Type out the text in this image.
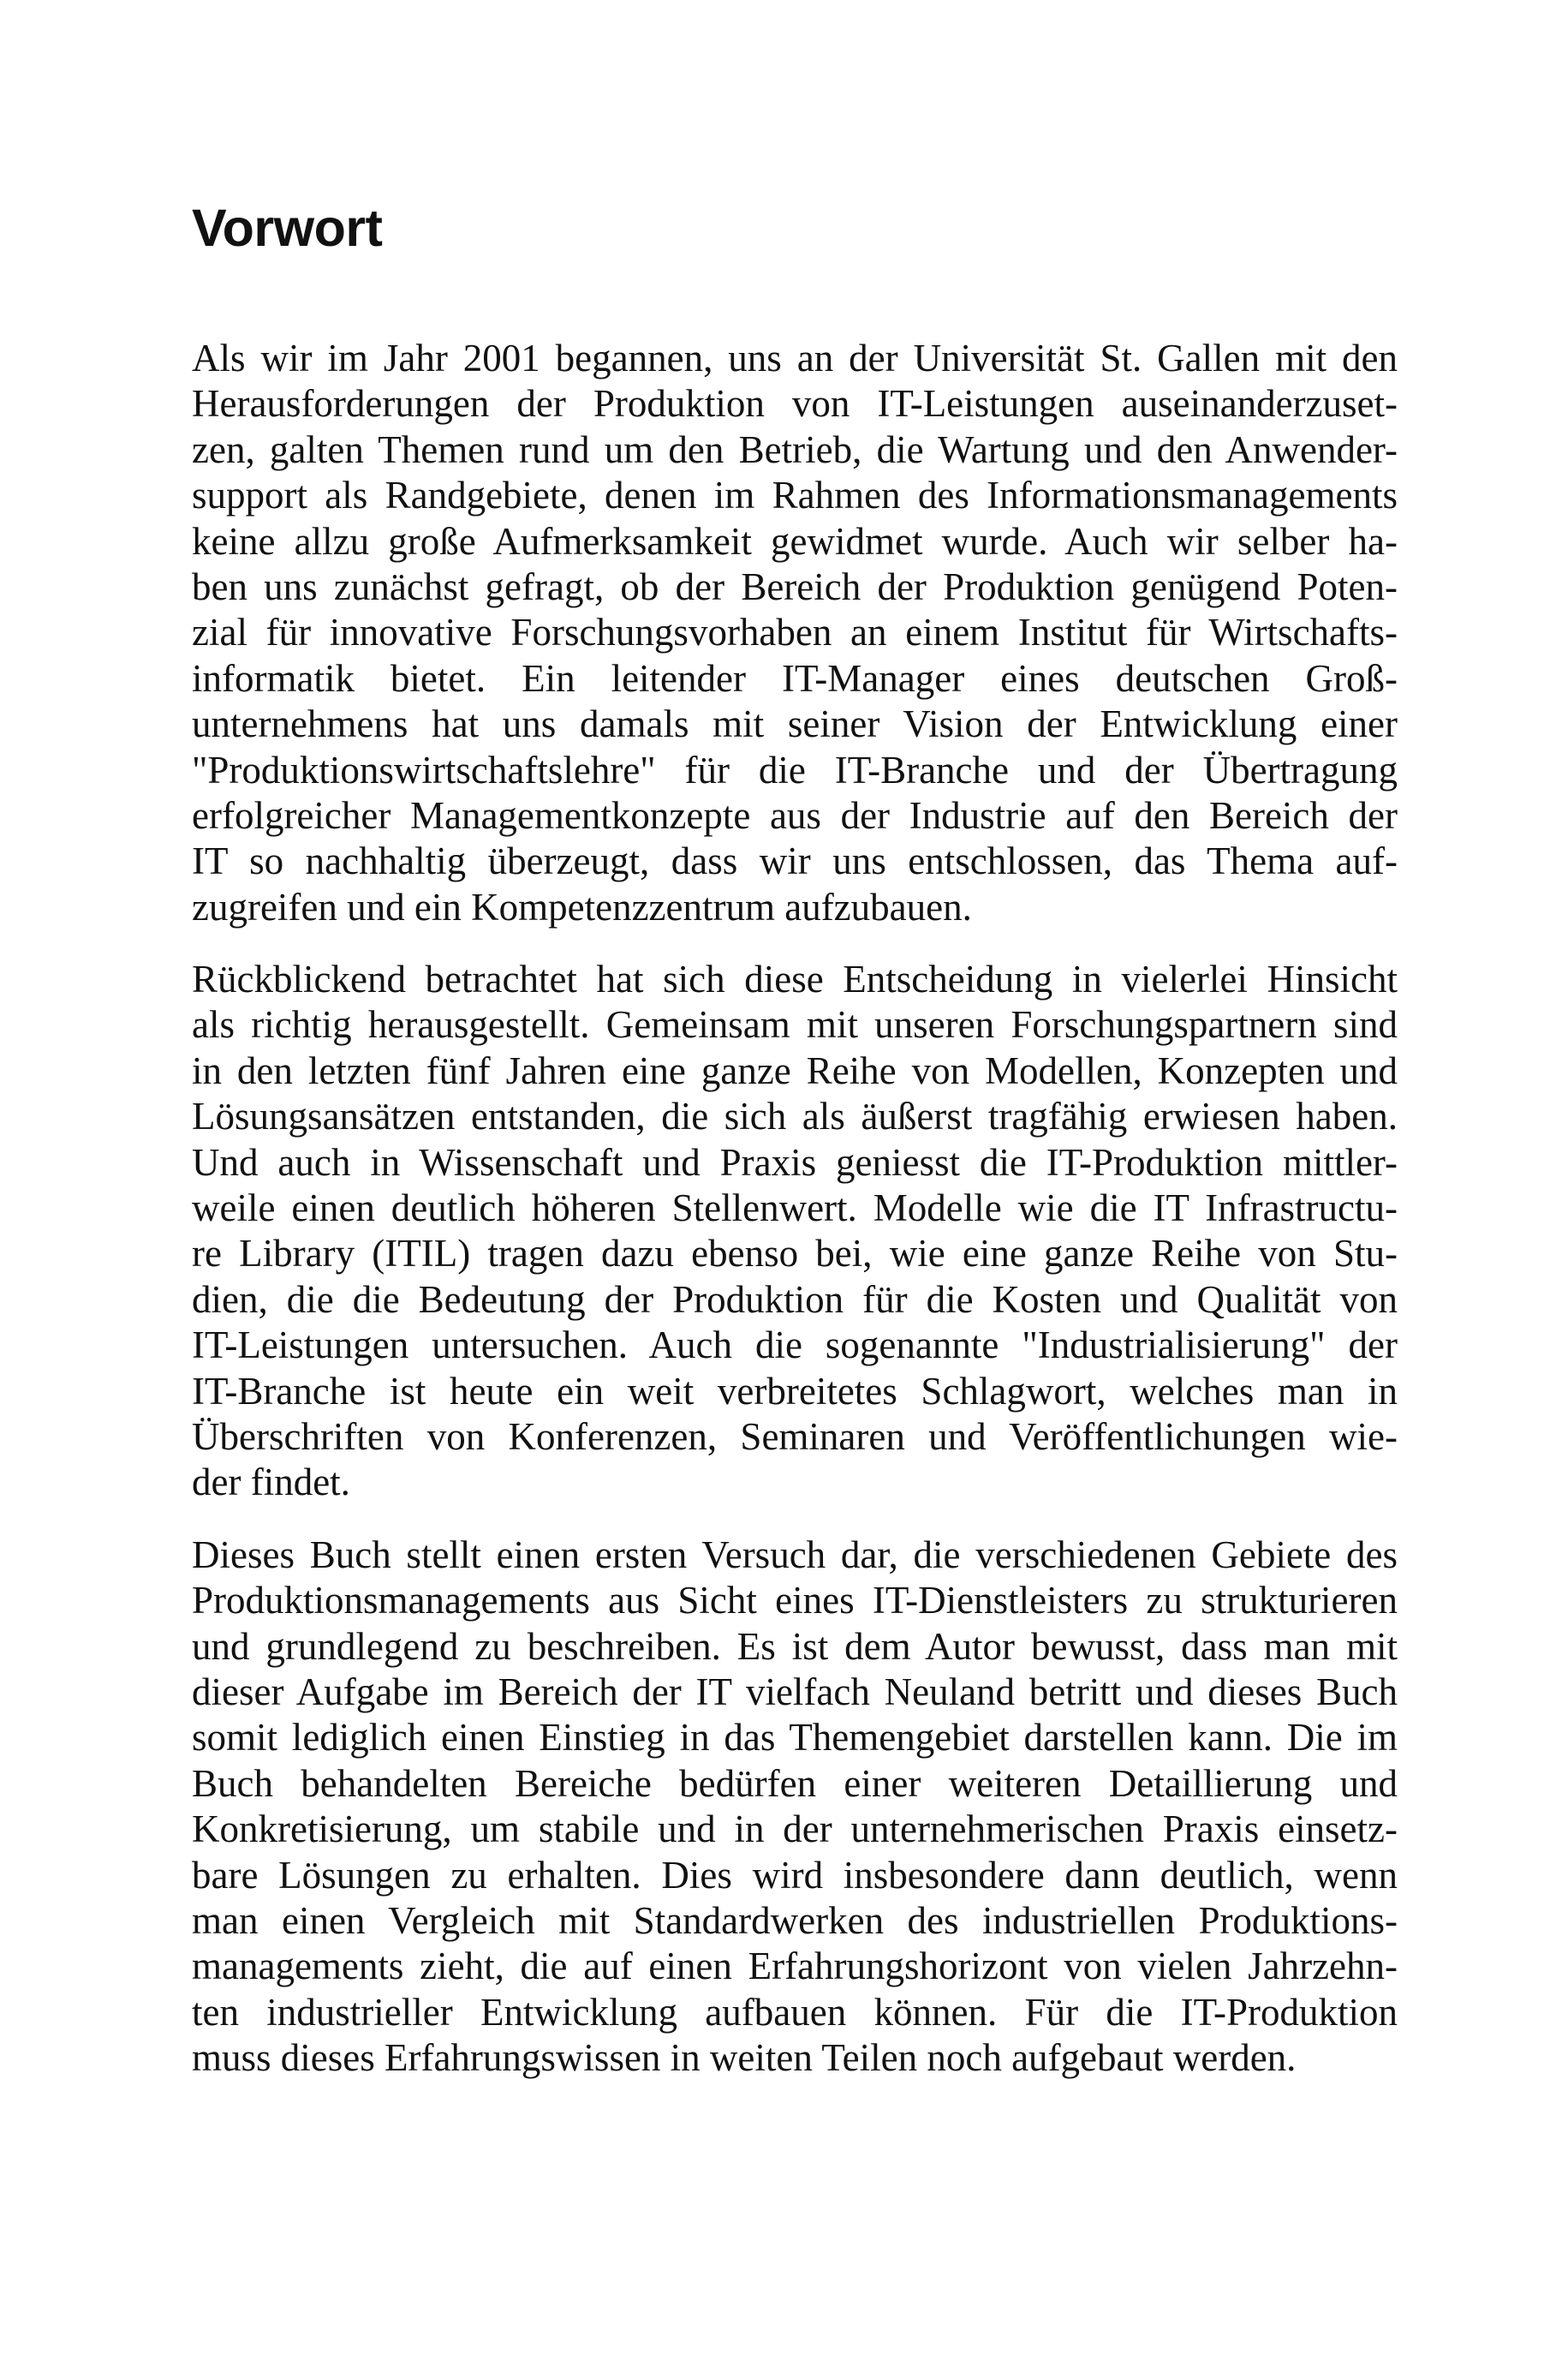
Vorwort

Als wir im Jahr 2001 begannen, uns an der Universität St. Gallen mit den
Herausforderungen der Produktion von IT-Leistungen auseinanderzuset-
zen, galten Themen rund um den Betrieb, die Wartung und den Anwender-
support als Randgebiete, denen im Rahmen des Informationsmanagements
keine allzu große Aufmerksamkeit gewidmet wurde. Auch wir selber ha-
ben uns zunächst gefragt, ob der Bereich der Produktion genügend Poten-
zial für innovative Forschungsvorhaben an einem Institut für Wirtschafts-
informatik bietet. Ein leitender IT-Manager eines deutschen Groß-
unternehmens hat uns damals mit seiner Vision der Entwicklung einer
"Produktionswirtschaftslehre" für die IT-Branche und der Übertragung
erfolgreicher Managementkonzepte aus der Industrie auf den Bereich der
IT so nachhaltig überzeugt, dass wir uns entschlossen, das Thema auf-
zugreifen und ein Kompetenzzentrum aufzubauen.

Rückblickend betrachtet hat sich diese Entscheidung in vielerlei Hinsicht
als richtig herausgestellt. Gemeinsam mit unseren Forschungspartnern sind
in den letzten fünf Jahren eine ganze Reihe von Modellen, Konzepten und
Lösungsansätzen entstanden, die sich als äußerst tragfähig erwiesen haben.
Und auch in Wissenschaft und Praxis geniesst die IT-Produktion mittler-
weile einen deutlich höheren Stellenwert. Modelle wie die IT Infrastructu-
re Library (ITIL) tragen dazu ebenso bei, wie eine ganze Reihe von Stu-
dien, die die Bedeutung der Produktion für die Kosten und Qualität von
IT-Leistungen untersuchen. Auch die sogenannte "Industrialisierung" der
IT-Branche ist heute ein weit verbreitetes Schlagwort, welches man in
Überschriften von Konferenzen, Seminaren und Veröffentlichungen wie-
der findet.

Dieses Buch stellt einen ersten Versuch dar, die verschiedenen Gebiete des
Produktionsmanagements aus Sicht eines IT-Dienstleisters zu strukturieren
und grundlegend zu beschreiben. Es ist dem Autor bewusst, dass man mit
dieser Aufgabe im Bereich der IT vielfach Neuland betritt und dieses Buch
somit lediglich einen Einstieg in das Themengebiet darstellen kann. Die im
Buch behandelten Bereiche bedürfen einer weiteren Detaillierung und
Konkretisierung, um stabile und in der unternehmerischen Praxis einsetz-
bare Lösungen zu erhalten. Dies wird insbesondere dann deutlich, wenn
man einen Vergleich mit Standardwerken des industriellen Produktions-
managements zieht, die auf einen Erfahrungshorizont von vielen Jahrzehn-
ten industrieller Entwicklung aufbauen können. Für die IT-Produktion
muss dieses Erfahrungswissen in weiten Teilen noch aufgebaut werden.
